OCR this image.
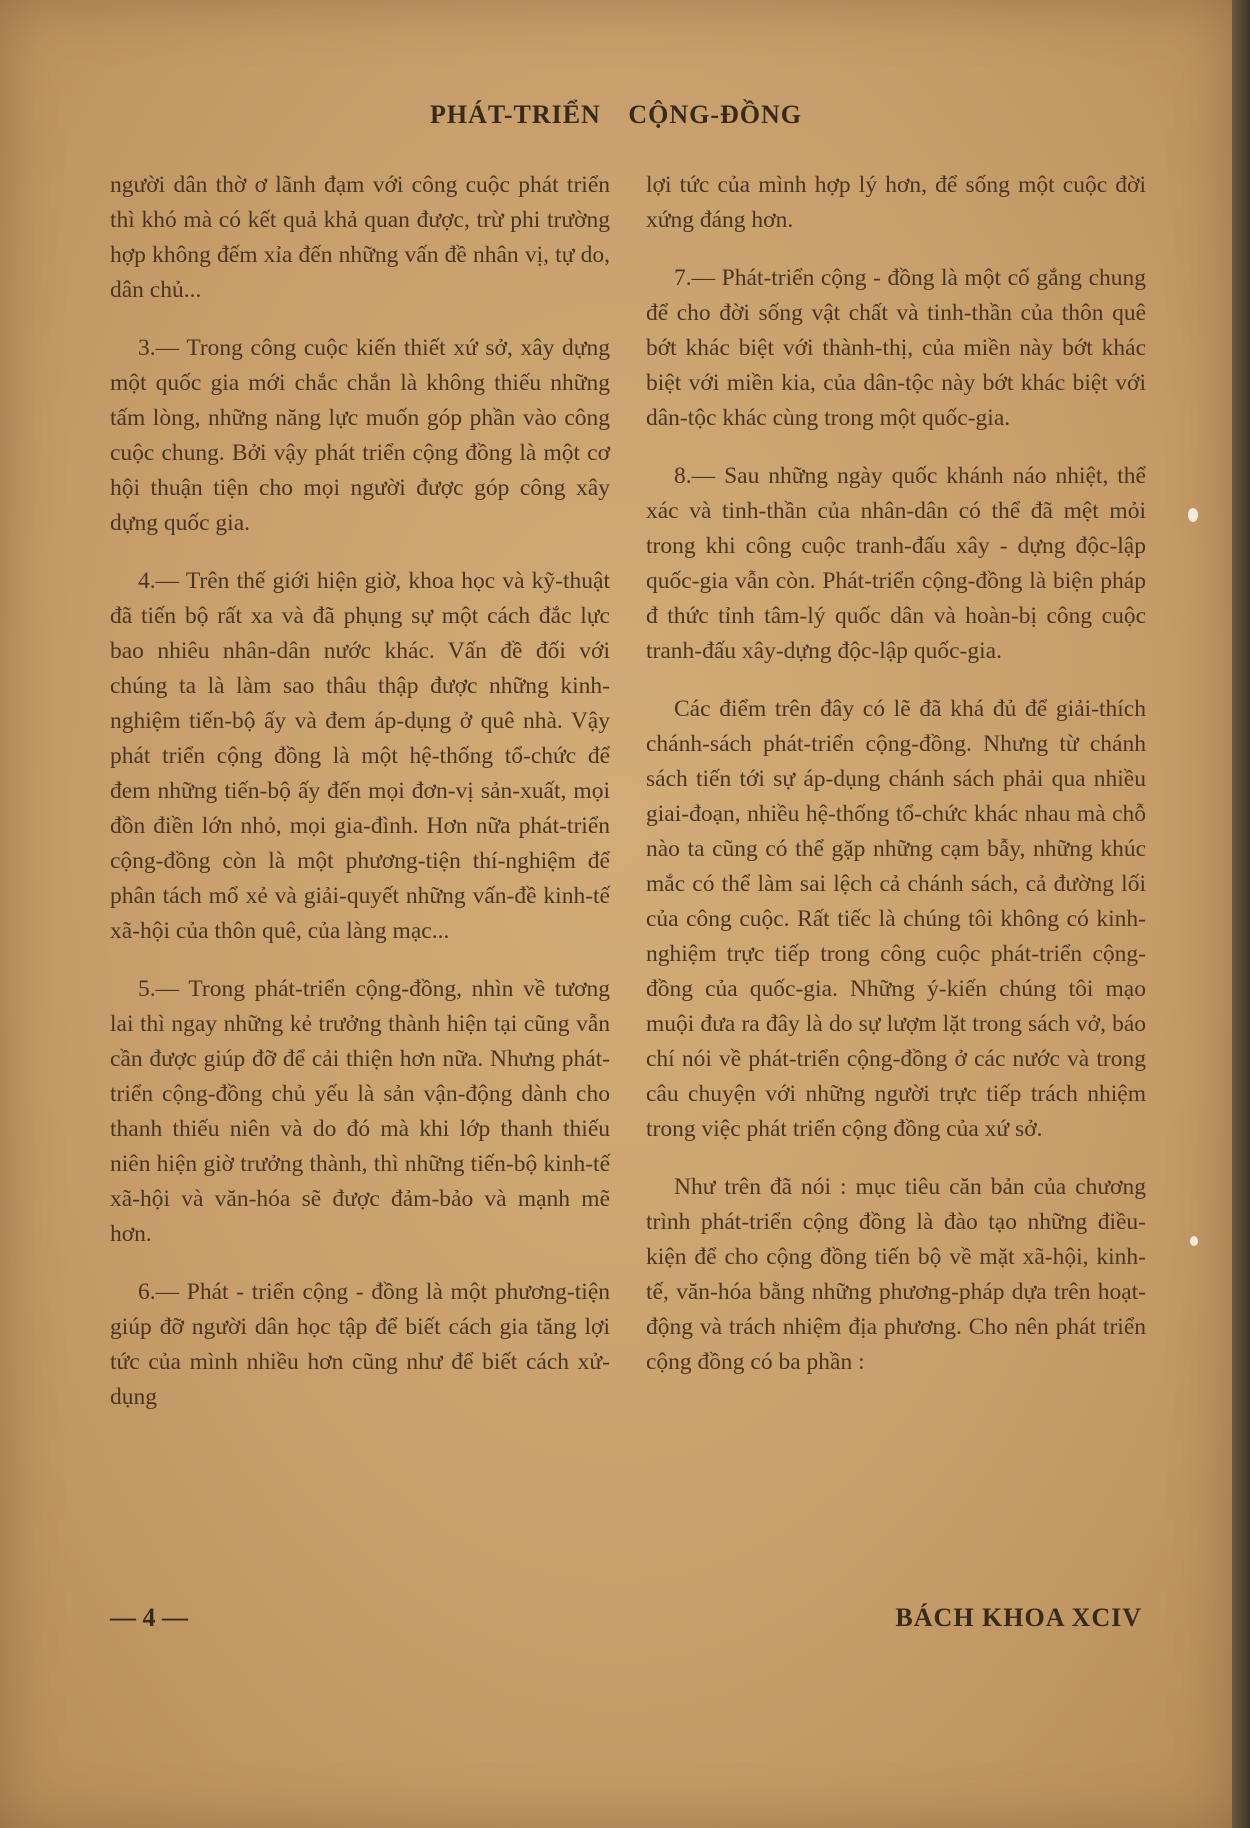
PHÁT-TRIỂN CỘNG-ĐỒNG

người dân thờ ơ lãnh đạm với công cuộc phát triển thì khó mà có kết quả khả quan được, trừ phi trường hợp không đếm xỉa đến những vấn đề nhân vị, tự do, dân chủ...

3.— Trong công cuộc kiến thiết xứ sở, xây dựng một quốc gia mới chắc chắn là không thiếu những tấm lòng, những năng lực muốn góp phần vào công cuộc chung. Bởi vậy phát triển cộng đồng là một cơ hội thuận tiện cho mọi người được góp công xây dựng quốc gia.

4.— Trên thế giới hiện giờ, khoa học và kỹ-thuật đã tiến bộ rất xa và đã phụng sự một cách đắc lực bao nhiêu nhân-dân nước khác. Vấn đề đối với chúng ta là làm sao thâu thập được những kinh-nghiệm tiến-bộ ấy và đem áp-dụng ở quê nhà. Vậy phát triển cộng đồng là một hệ-thống tổ-chức để đem những tiến-bộ ấy đến mọi đơn-vị sản-xuất, mọi đồn điền lớn nhỏ, mọi gia-đình. Hơn nữa phát-triển cộng-đồng còn là một phương-tiện thí-nghiệm để phân tách mổ xẻ và giải-quyết những vấn-đề kinh-tế xã-hội của thôn quê, của làng mạc...

5.— Trong phát-triển cộng-đồng, nhìn về tương lai thì ngay những kẻ trưởng thành hiện tại cũng vẫn cần được giúp đỡ để cải thiện hơn nữa. Nhưng phát-triển cộng-đồng chủ yếu là sản vận-động dành cho thanh thiếu niên và do đó mà khi lớp thanh thiếu niên hiện giờ trưởng thành, thì những tiến-bộ kinh-tế xã-hội và văn-hóa sẽ được đảm-bảo và mạnh mẽ hơn.

6.— Phát - triển cộng - đồng là một phương-tiện giúp đỡ người dân học tập để biết cách gia tăng lợi tức của mình nhiều hơn cũng như để biết cách xử-dụng

lợi tức của mình hợp lý hơn, để sống một cuộc đời xứng đáng hơn.

7.— Phát-triển cộng - đồng là một cố gắng chung để cho đời sống vật chất và tinh-thần của thôn quê bớt khác biệt với thành-thị, của miền này bớt khác biệt với miền kia, của dân-tộc này bớt khác biệt với dân-tộc khác cùng trong một quốc-gia.

8.— Sau những ngày quốc khánh náo nhiệt, thể xác và tinh-thần của nhân-dân có thể đã mệt mỏi trong khi công cuộc tranh-đấu xây - dựng độc-lập quốc-gia vẫn còn. Phát-triển cộng-đồng là biện pháp đ thức tỉnh tâm-lý quốc dân và hoàn-bị công cuộc tranh-đấu xây-dựng độc-lập quốc-gia.

Các điểm trên đây có lẽ đã khá đủ để giải-thích chánh-sách phát-triển cộng-đồng. Nhưng từ chánh sách tiến tới sự áp-dụng chánh sách phải qua nhiều giai-đoạn, nhiều hệ-thống tổ-chức khác nhau mà chỗ nào ta cũng có thể gặp những cạm bẫy, những khúc mắc có thể làm sai lệch cả chánh sách, cả đường lối của công cuộc. Rất tiếc là chúng tôi không có kinh-nghiệm trực tiếp trong công cuộc phát-triển cộng-đồng của quốc-gia. Những ý-kiến chúng tôi mạo muội đưa ra đây là do sự lượm lặt trong sách vở, báo chí nói về phát-triển cộng-đồng ở các nước và trong câu chuyện với những người trực tiếp trách nhiệm trong việc phát triển cộng đồng của xứ sở.

Như trên đã nói : mục tiêu căn bản của chương trình phát-triển cộng đồng là đào tạo những điều-kiện để cho cộng đồng tiến bộ về mặt xã-hội, kinh-tế, văn-hóa bằng những phương-pháp dựa trên hoạt-động và trách nhiệm địa phương. Cho nên phát triển cộng đồng có ba phần :

— 4 —	BÁCH KHOA XCIV
